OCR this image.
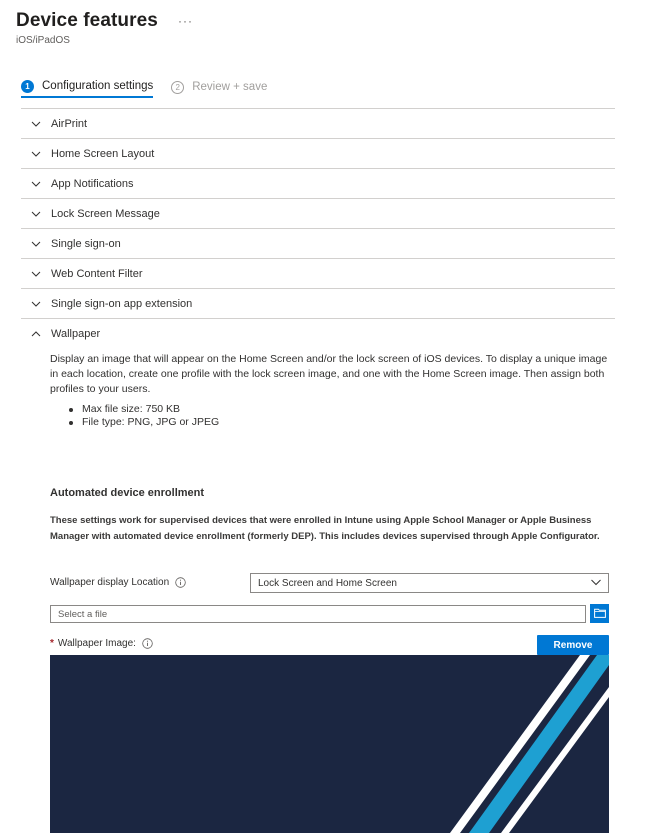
Device features ···
iOS/iPadOS
1	Configuration settings	2	Review + save
AirPrint
Home Screen Layout
App Notifications
Lock Screen Message
Single sign-on
Web Content Filter
Single sign-on app extension
Wallpaper

Display an image that will appear on the Home Screen and/or the lock screen of iOS devices. To display a unique image in each location, create one profile with the lock screen image, and one with the Home Screen image. Then assign both profiles to your users.

Max file size: 750 KB
File type: PNG, JPG or JPEG
Automated device enrollment
These settings work for supervised devices that were enrolled in Intune using Apple School Manager or Apple Business Manager with automated device enrollment (formerly DEP). This includes devices supervised through Apple Configurator.
Wallpaper display Location	Lock Screen and Home Screen
Select a file
* Wallpaper Image:	Remove
